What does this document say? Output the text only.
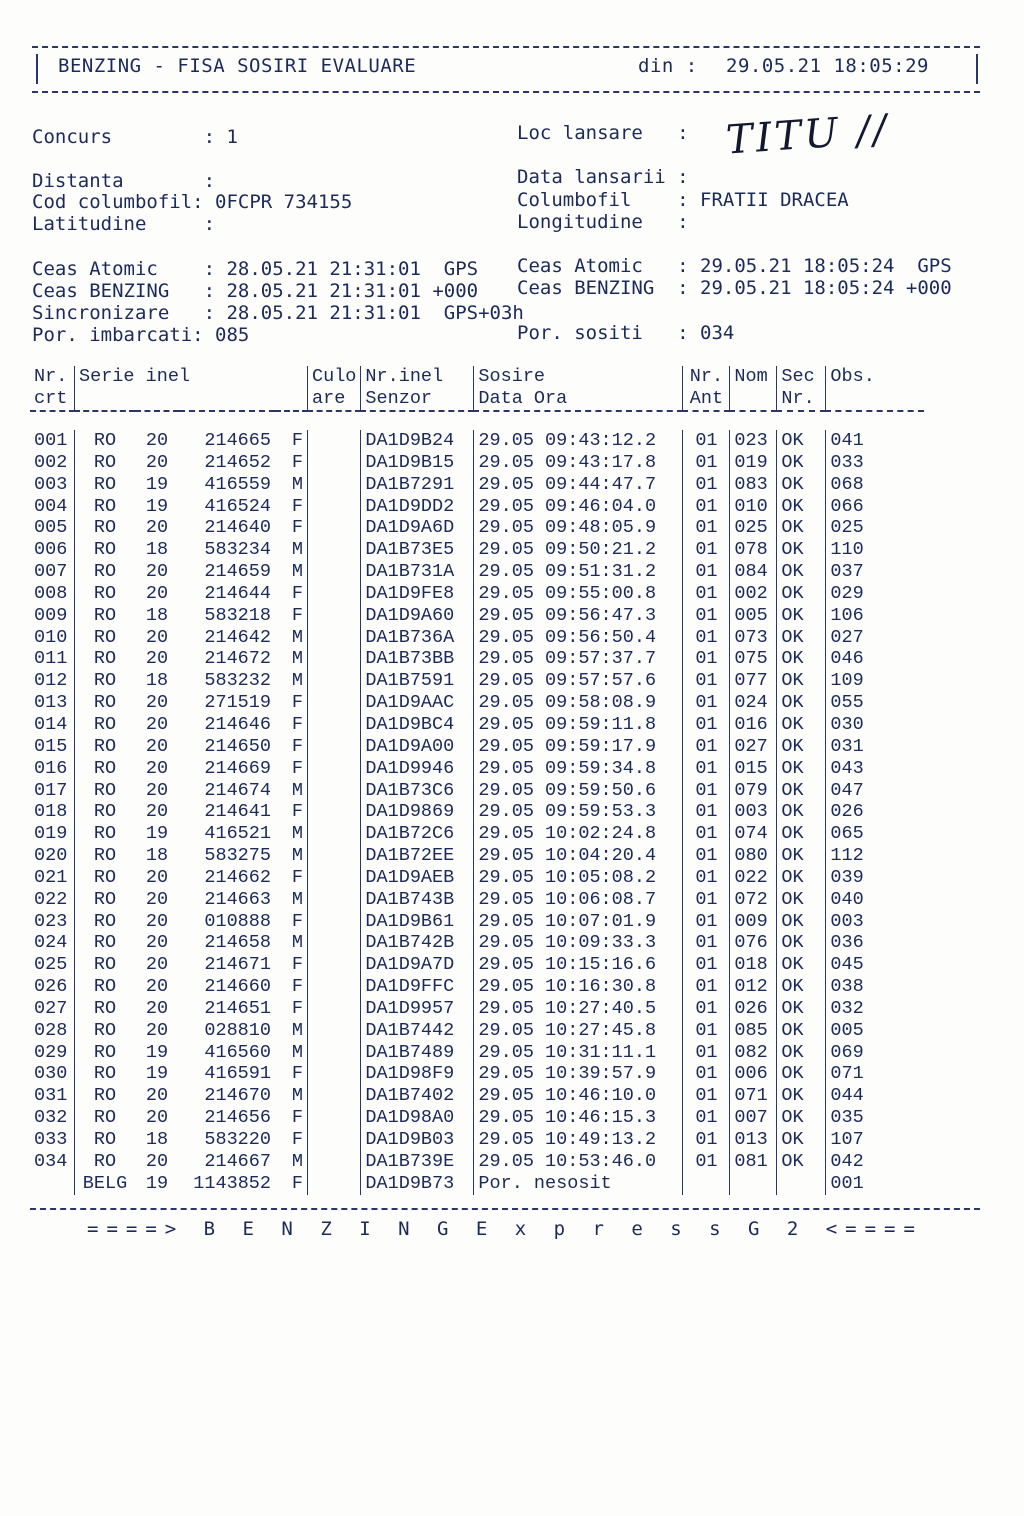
BENZING - FISA SOSIRI EVALUARE	din : 29.05.21 18:05:29
Concurs        : 1	Loc lansare   : TITU //
Distanta       :	Data lansarii :
Cod columbofil: 0FCPR 734155	Columbofil    : FRATII DRACEA
Latitudine     :	Longitudine   :
Ceas Atomic    : 28.05.21 21:31:01  GPS Ceas Atomic   : 29.05.21 18:05:24  GPS
Ceas BENZING   : 28.05.21 21:31:01 +000 Ceas BENZING  : 29.05.21 18:05:24 +000
Sincronizare   : 28.05.21 21:31:01  GPS+03h
Por. imbarcati: 085	Por. sositi   : 034
Nr.	Serie inel				Culo	Nr.inel	Sosire	Nr.	Nom	Sec	Obs.
crt					are	Senzor	Data Ora	Ant		Nr.	

001	RO	20	214665	F		DA1D9B24	29.05 09:43:12.2	01	023	OK	041
002	RO	20	214652	F		DA1D9B15	29.05 09:43:17.8	01	019	OK	033
003	RO	19	416559	M		DA1B7291	29.05 09:44:47.7	01	083	OK	068
004	RO	19	416524	F		DA1D9DD2	29.05 09:46:04.0	01	010	OK	066
005	RO	20	214640	F		DA1D9A6D	29.05 09:48:05.9	01	025	OK	025
006	RO	18	583234	M		DA1B73E5	29.05 09:50:21.2	01	078	OK	110
007	RO	20	214659	M		DA1B731A	29.05 09:51:31.2	01	084	OK	037
008	RO	20	214644	F		DA1D9FE8	29.05 09:55:00.8	01	002	OK	029
009	RO	18	583218	F		DA1D9A60	29.05 09:56:47.3	01	005	OK	106
010	RO	20	214642	M		DA1B736A	29.05 09:56:50.4	01	073	OK	027
011	RO	20	214672	M		DA1B73BB	29.05 09:57:37.7	01	075	OK	046
012	RO	18	583232	M		DA1B7591	29.05 09:57:57.6	01	077	OK	109
013	RO	20	271519	F		DA1D9AAC	29.05 09:58:08.9	01	024	OK	055
014	RO	20	214646	F		DA1D9BC4	29.05 09:59:11.8	01	016	OK	030
015	RO	20	214650	F		DA1D9A00	29.05 09:59:17.9	01	027	OK	031
016	RO	20	214669	F		DA1D9946	29.05 09:59:34.8	01	015	OK	043
017	RO	20	214674	M		DA1B73C6	29.05 09:59:50.6	01	079	OK	047
018	RO	20	214641	F		DA1D9869	29.05 09:59:53.3	01	003	OK	026
019	RO	19	416521	M		DA1B72C6	29.05 10:02:24.8	01	074	OK	065
020	RO	18	583275	M		DA1B72EE	29.05 10:04:20.4	01	080	OK	112
021	RO	20	214662	F		DA1D9AEB	29.05 10:05:08.2	01	022	OK	039
022	RO	20	214663	M		DA1B743B	29.05 10:06:08.7	01	072	OK	040
023	RO	20	010888	F		DA1D9B61	29.05 10:07:01.9	01	009	OK	003
024	RO	20	214658	M		DA1B742B	29.05 10:09:33.3	01	076	OK	036
025	RO	20	214671	F		DA1D9A7D	29.05 10:15:16.6	01	018	OK	045
026	RO	20	214660	F		DA1D9FFC	29.05 10:16:30.8	01	012	OK	038
027	RO	20	214651	F		DA1D9957	29.05 10:27:40.5	01	026	OK	032
028	RO	20	028810	M		DA1B7442	29.05 10:27:45.8	01	085	OK	005
029	RO	19	416560	M		DA1B7489	29.05 10:31:11.1	01	082	OK	069
030	RO	19	416591	F		DA1D98F9	29.05 10:39:57.9	01	006	OK	071
031	RO	20	214670	M		DA1B7402	29.05 10:46:10.0	01	071	OK	044
032	RO	20	214656	F		DA1D98A0	29.05 10:46:15.3	01	007	OK	035
033	RO	18	583220	F		DA1D9B03	29.05 10:49:13.2	01	013	OK	107
034	RO	20	214667	M		DA1B739E	29.05 10:53:46.0	01	081	OK	042
	BELG	19	1143852	F		DA1D9B73	Por. nesosit				001
====> B E N Z I N G E x p r e s s G 2 <====
